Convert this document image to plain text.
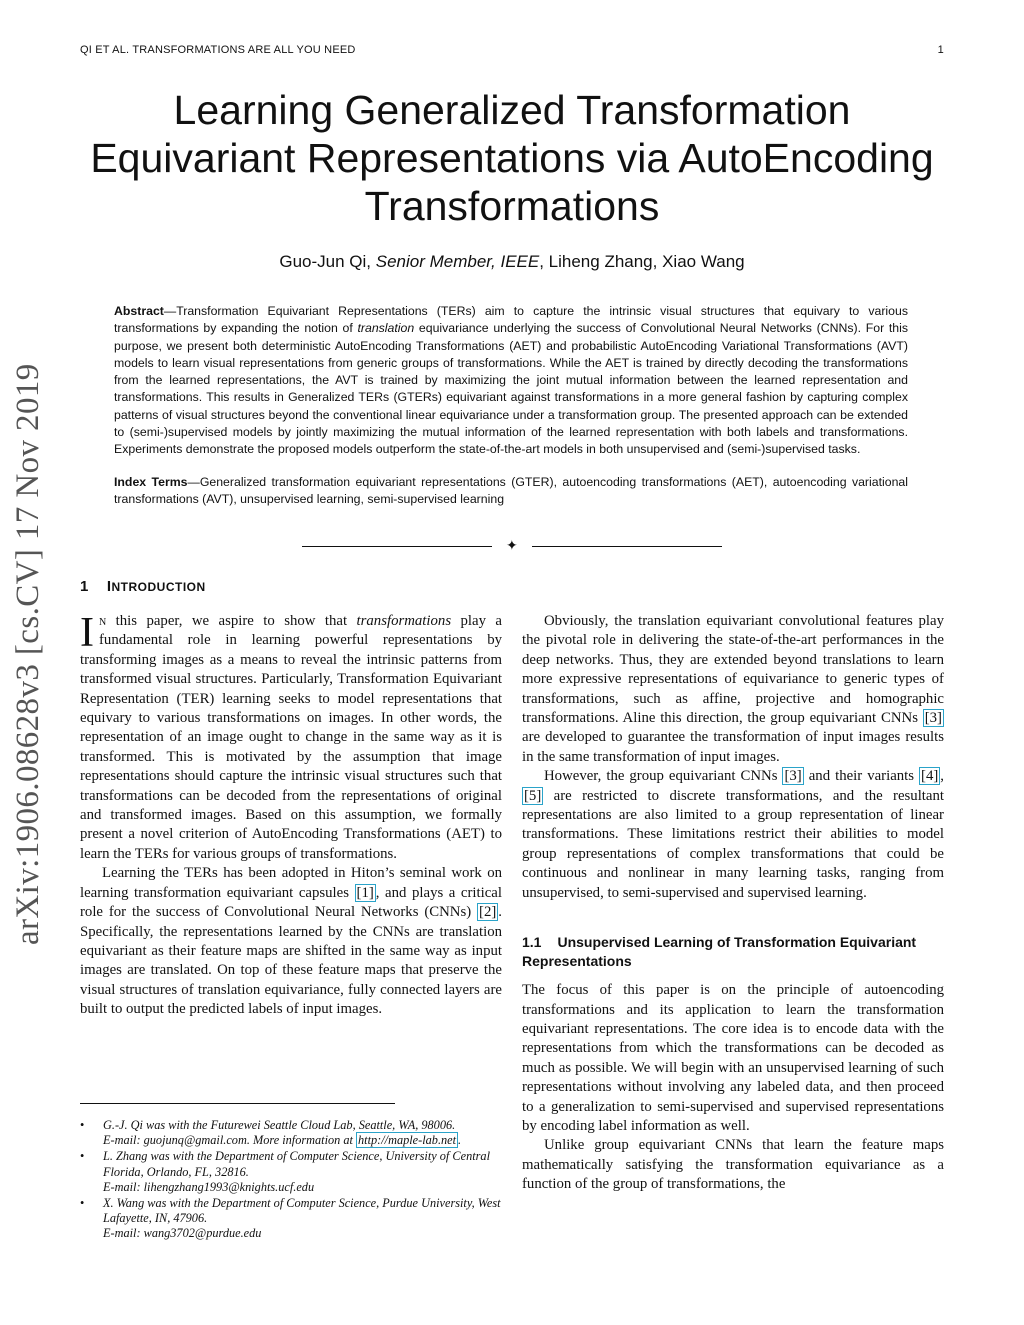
QI ET AL. TRANSFORMATIONS ARE ALL YOU NEED	1
arXiv:1906.08628v3 [cs.CV] 17 Nov 2019
Learning Generalized Transformation
Equivariant Representations via AutoEncoding
Transformations
Guo-Jun Qi, Senior Member, IEEE, Liheng Zhang, Xiao Wang

Abstract—Transformation Equivariant Representations (TERs) aim to capture the intrinsic visual structures that equivary to various transformations by expanding the notion of translation equivariance underlying the success of Convolutional Neural Networks (CNNs). For this purpose, we present both deterministic AutoEncoding Transformations (AET) and probabilistic AutoEncoding Variational Transformations (AVT) models to learn visual representations from generic groups of transformations. While the AET is trained by directly decoding the transformations from the learned representations, the AVT is trained by maximizing the joint mutual information between the learned representation and transformations. This results in Generalized TERs (GTERs) equivariant against transformations in a more general fashion by capturing complex patterns of visual structures beyond the conventional linear equivariance under a transformation group. The presented approach can be extended to (semi-)supervised models by jointly maximizing the mutual information of the learned representation with both labels and transformations. Experiments demonstrate the proposed models outperform the state-of-the-art models in both unsupervised and (semi-)supervised tasks.

Index Terms—Generalized transformation equivariant representations (GTER), autoencoding transformations (AET), autoencoding variational transformations (AVT), unsupervised learning, semi-supervised learning

✦
1 INTRODUCTION

In this paper, we aspire to show that transformations play a fundamental role in learning powerful representations by transforming images as a means to reveal the intrinsic patterns from transformed visual structures. Particularly, Transformation Equivariant Representation (TER) learning seeks to model representations that equivary to various transformations on images. In other words, the representation of an image ought to change in the same way as it is transformed. This is motivated by the assumption that image representations should capture the intrinsic visual structures such that transformations can be decoded from the representations of original and transformed images. Based on this assumption, we formally present a novel criterion of AutoEncoding Transformations (AET) to learn the TERs for various groups of transformations.

Learning the TERs has been adopted in Hiton’s seminal work on learning transformation equivariant capsules [1] , and plays a critical role for the success of Convolutional Neural Networks (CNNs) [2] . Specifically, the representations learned by the CNNs are translation equivariant as their feature maps are shifted in the same way as input images are translated. On top of these feature maps that preserve the visual structures of translation equivariance, fully connected layers are built to output the predicted labels of input images.

Obviously, the translation equivariant convolutional features play the pivotal role in delivering the state-of-the-art performances in the deep networks. Thus, they are extended beyond translations to learn more expressive representations of equivariance to generic types of transformations, such as affine, projective and homographic transformations. Aline this direction, the group equivariant CNNs [3] are developed to guarantee the transformation of input images results in the same transformation of input images.

However, the group equivariant CNNs [3] and their variants [4] , [5] are restricted to discrete transformations, and the resultant representations are also limited to a group representation of linear transformations. These limitations restrict their abilities to model group representations of complex transformations that could be continuous and nonlinear in many learning tasks, ranging from unsupervised, to semi-supervised and supervised learning.

1.1 Unsupervised Learning of Transformation Equivariant Representations

The focus of this paper is on the principle of autoencoding transformations and its application to learn the transformation equivariant representations. The core idea is to encode data with the representations from which the transformations can be decoded as much as possible. We will begin with an unsupervised learning of such representations without involving any labeled data, and then proceed to a generalization to semi-supervised and supervised representations by encoding label information as well.

Unlike group equivariant CNNs that learn the feature maps mathematically satisfying the transformation equivariance as a function of the group of transformations, the

• G.-J. Qi was with the Futurewei Seattle Cloud Lab, Seattle, WA, 98006.
E-mail: guojunq@gmail.com. More information at http://maple-lab.net .
• L. Zhang was with the Department of Computer Science, University of Central Florida, Orlando, FL, 32816.
E-mail: lihengzhang1993@knights.ucf.edu
• X. Wang was with the Department of Computer Science, Purdue University, West Lafayette, IN, 47906.
E-mail: wang3702@purdue.edu
